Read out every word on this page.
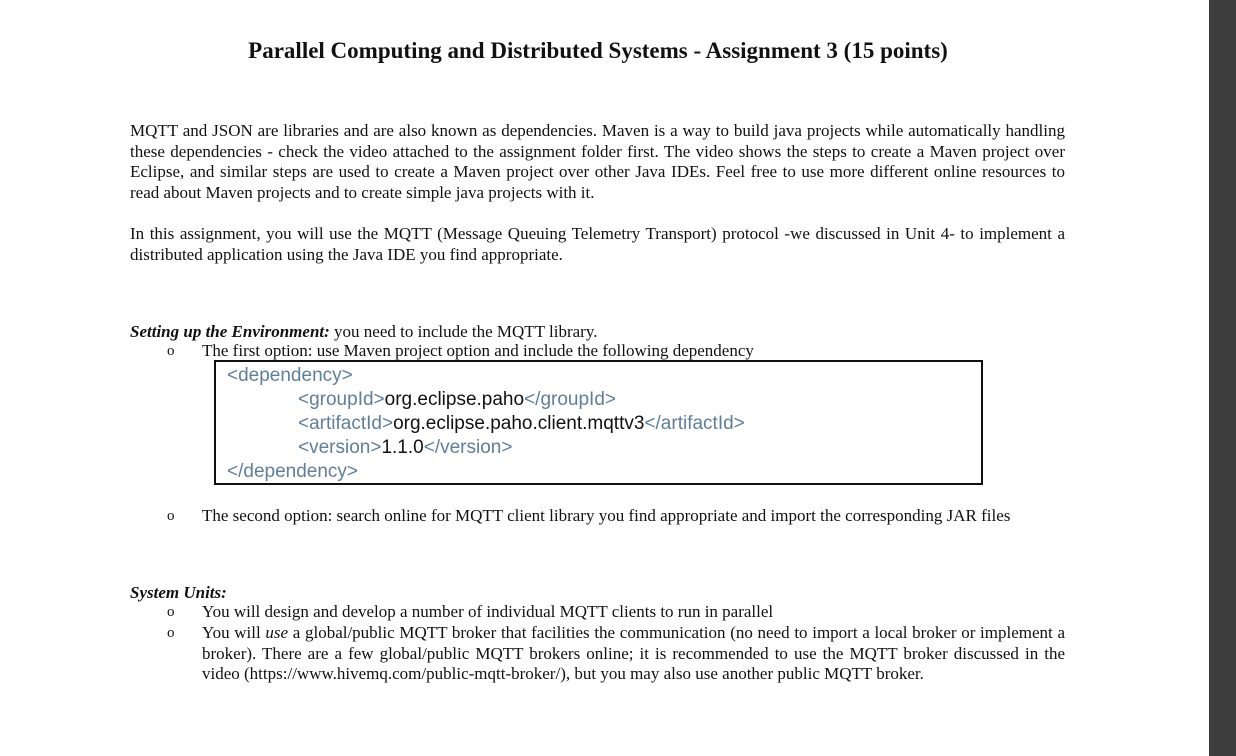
Parallel Computing and Distributed Systems - Assignment 3 (15 points)

MQTT and JSON are libraries and are also known as dependencies. Maven is a way to build java projects while automatically handling these dependencies - check the video attached to the assignment folder first. The video shows the steps to create a Maven project over Eclipse, and similar steps are used to create a Maven project over other Java IDEs. Feel free to use more different online resources to read about Maven projects and to create simple java projects with it.

In this assignment, you will use the MQTT (Message Queuing Telemetry Transport) protocol -we discussed in Unit 4- to implement a distributed application using the Java IDE you find appropriate.

Setting up the Environment: you need to include the MQTT library.

o The first option: use Maven project option and include the following dependency

<dependency>
<groupId>org.eclipse.paho</groupId>
<artifactId>org.eclipse.paho.client.mqttv3</artifactId>
<version>1.1.0</version>
</dependency>
o The second option: search online for MQTT client library you find appropriate and import the corresponding JAR files

System Units:

o You will design and develop a number of individual MQTT clients to run in parallel

o You will use a global/public MQTT broker that facilities the communication (no need to import a local broker or implement a broker). There are a few global/public MQTT brokers online; it is recommended to use the MQTT broker discussed in the video (https://www.hivemq.com/public-mqtt-broker/), but you may also use another public MQTT broker.
